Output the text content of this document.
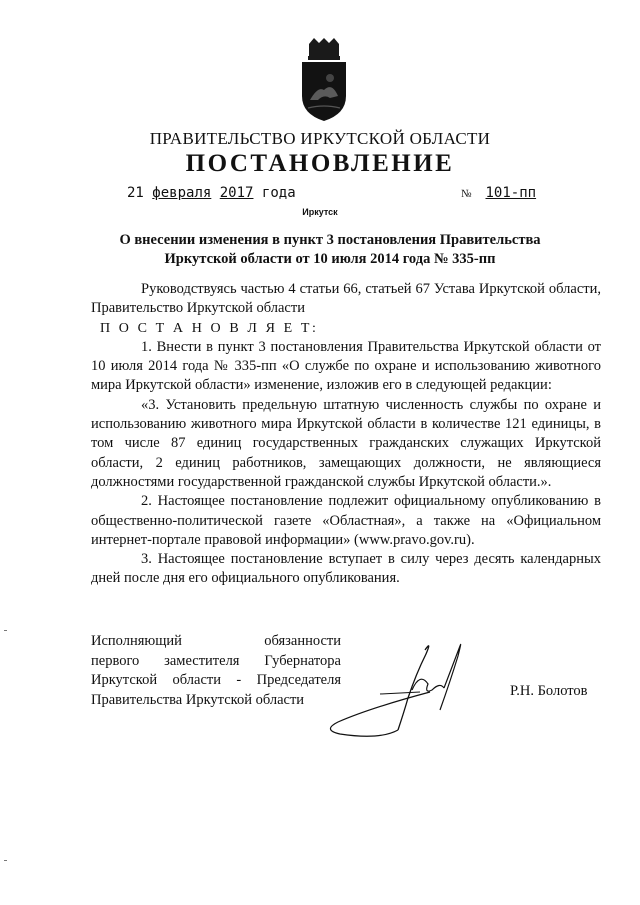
ПРАВИТЕЛЬСТВО ИРКУТСКОЙ ОБЛАСТИ
ПОСТАНОВЛЕНИЕ
21 февраля 2017 года	№ 101-пп
Иркутск
О внесении изменения в пункт 3 постановления Правительства
Иркутской области от 10 июля 2014 года № 335-пп

Руководствуясь частью 4 статьи 66, статьей 67 Устава Иркутской области, Правительство Иркутской области

П О С Т А Н О В Л Я Е Т:

1. Внести в пункт 3 постановления Правительства Иркутской области от 10 июля 2014 года № 335-пп «О службе по охране и использованию животного мира Иркутской области» изменение, изложив его в следующей редакции:

«3. Установить предельную штатную численность службы по охране и использованию животного мира Иркутской области в количестве 121 единицы, в том числе 87 единиц государственных гражданских служащих Иркутской области, 2 единиц работников, замещающих должности, не являющиеся должностями государственной гражданской службы Иркутской области.».

2. Настоящее постановление подлежит официальному опубликованию в общественно-политической газете «Областная», а также на «Официальном интернет-портале правовой информации» (www.pravo.gov.ru).

3. Настоящее постановление вступает в силу через десять календарных дней после дня его официального опубликования.

Исполняющий обязанности
первого заместителя Губернатора
Иркутской области - Председателя
Правительства Иркутской области
Р.Н. Болотов
